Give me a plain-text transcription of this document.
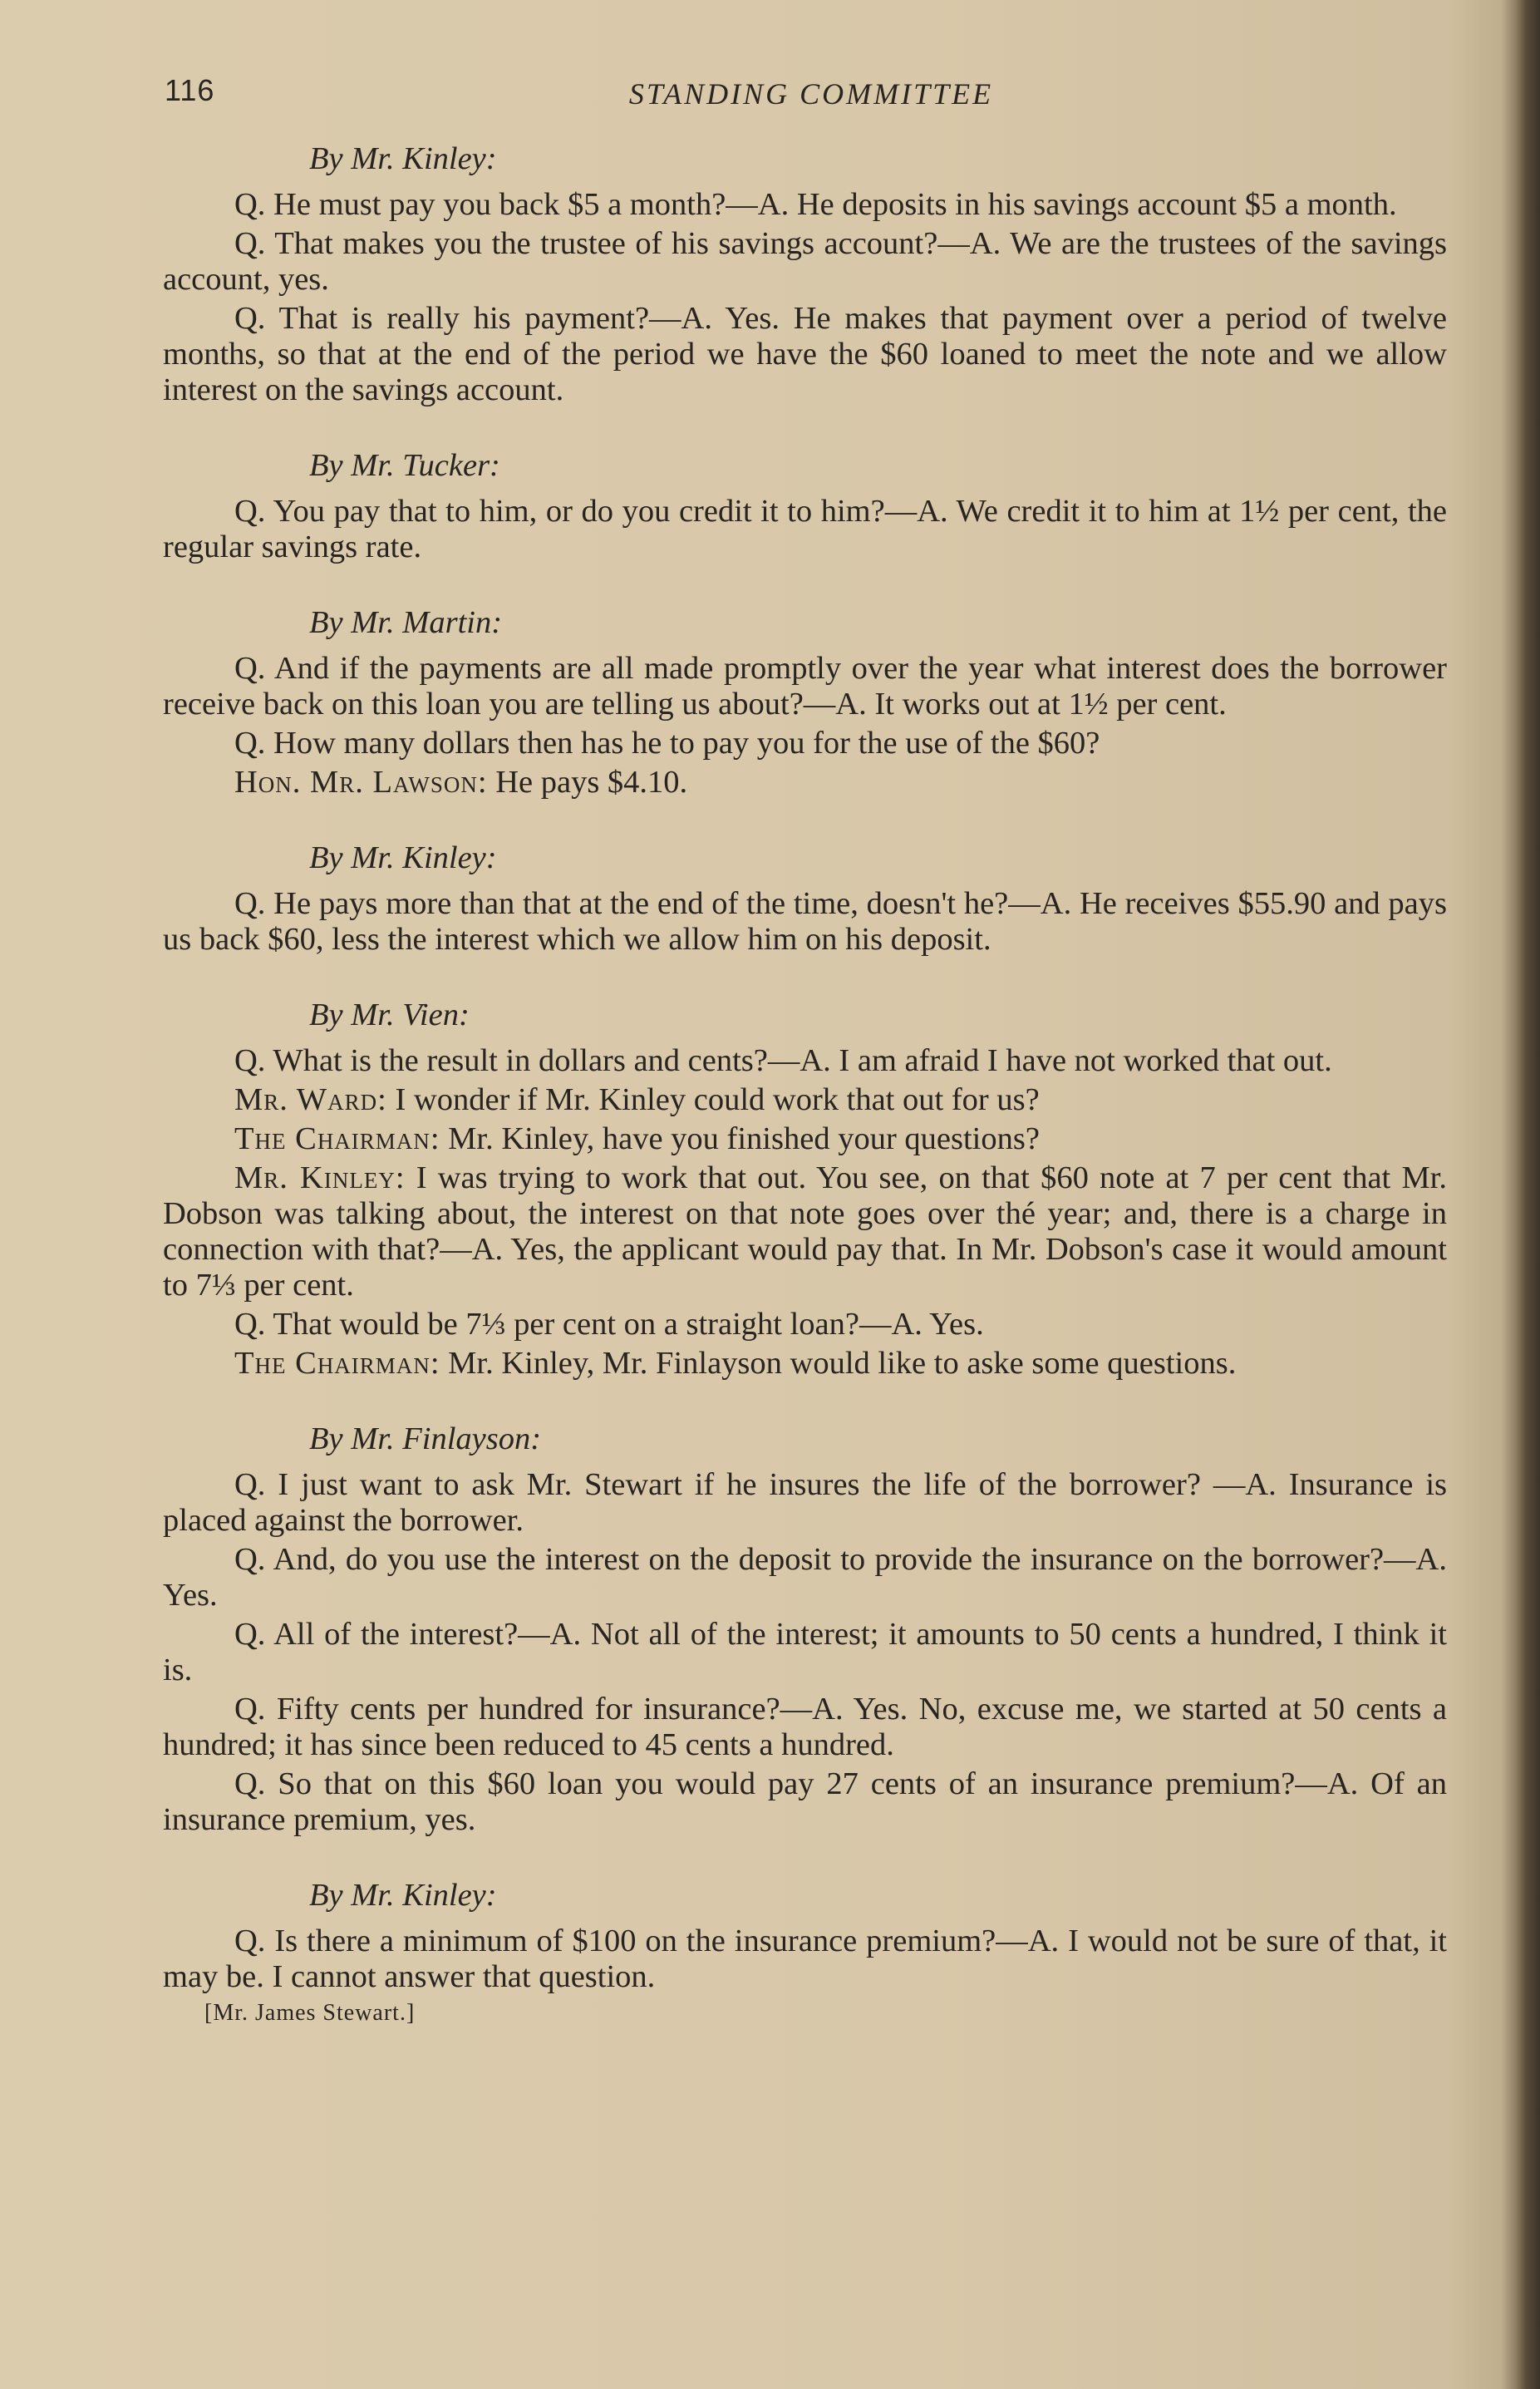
116	STANDING COMMITTEE
By Mr. Kinley:

Q. He must pay you back $5 a month?—A. He deposits in his savings account $5 a month.

Q. That makes you the trustee of his savings account?—A. We are the trustees of the savings account, yes.

Q. That is really his payment?—A. Yes. He makes that payment over a period of twelve months, so that at the end of the period we have the $60 loaned to meet the note and we allow interest on the savings account.

By Mr. Tucker:

Q. You pay that to him, or do you credit it to him?—A. We credit it to him at 1½ per cent, the regular savings rate.

By Mr. Martin:

Q. And if the payments are all made promptly over the year what interest does the borrower receive back on this loan you are telling us about?—A. It works out at 1½ per cent.

Q. How many dollars then has he to pay you for the use of the $60?

Hon. Mr. Lawson: He pays $4.10.

By Mr. Kinley:

Q. He pays more than that at the end of the time, doesn't he?—A. He receives $55.90 and pays us back $60, less the interest which we allow him on his deposit.

By Mr. Vien:

Q. What is the result in dollars and cents?—A. I am afraid I have not worked that out.

Mr. Ward: I wonder if Mr. Kinley could work that out for us?

The Chairman: Mr. Kinley, have you finished your questions?

Mr. Kinley: I was trying to work that out. You see, on that $60 note at 7 per cent that Mr. Dobson was talking about, the interest on that note goes over thé year; and, there is a charge in connection with that?—A. Yes, the applicant would pay that. In Mr. Dobson's case it would amount to 7⅓ per cent.

Q. That would be 7⅓ per cent on a straight loan?—A. Yes.

The Chairman: Mr. Kinley, Mr. Finlayson would like to aske some questions.

By Mr. Finlayson:

Q. I just want to ask Mr. Stewart if he insures the life of the borrower? —A. Insurance is placed against the borrower.

Q. And, do you use the interest on the deposit to provide the insurance on the borrower?—A. Yes.

Q. All of the interest?—A. Not all of the interest; it amounts to 50 cents a hundred, I think it is.

Q. Fifty cents per hundred for insurance?—A. Yes. No, excuse me, we started at 50 cents a hundred; it has since been reduced to 45 cents a hundred.

Q. So that on this $60 loan you would pay 27 cents of an insurance premium?—A. Of an insurance premium, yes.

By Mr. Kinley:

Q. Is there a minimum of $100 on the insurance premium?—A. I would not be sure of that, it may be. I cannot answer that question.

[Mr. James Stewart.]
